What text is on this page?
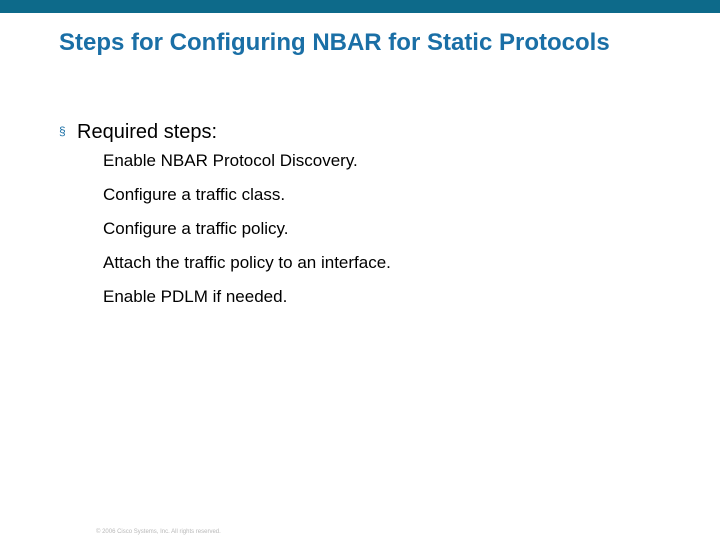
Steps for Configuring NBAR for Static Protocols
§ Required steps:
Enable NBAR Protocol Discovery.
Configure a traffic class.
Configure a traffic policy.
Attach the traffic policy to an interface.
Enable PDLM if needed.
© 2006 Cisco Systems, Inc. All rights reserved.
